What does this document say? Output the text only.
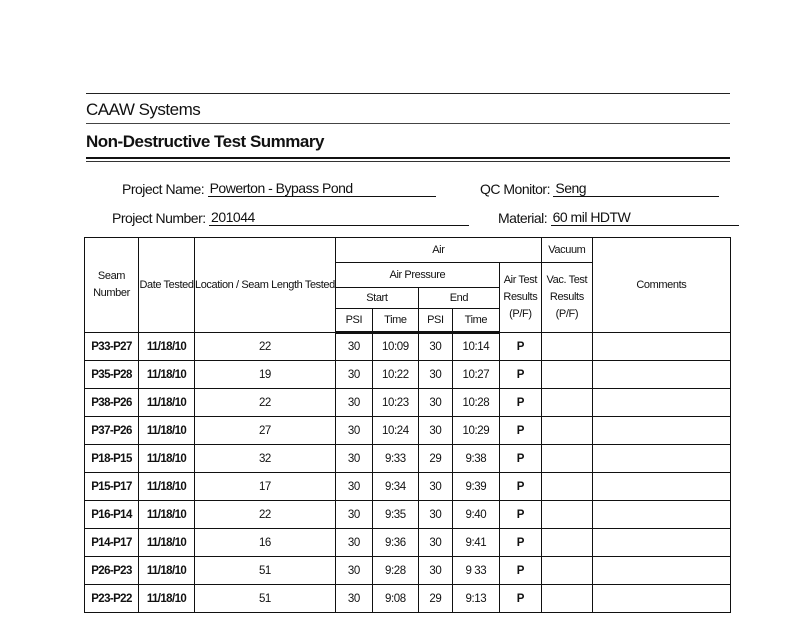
CAAW Systems
Non-Destructive Test Summary
Project Name: Powerton - Bypass Pond	QC Monitor: Seng
Project Number: 201044	Material: 60 mil HDTW
Seam Number	Date Tested	Location / Seam Length Tested	Air					Vacuum	Comments
			Air Pressure				Air Test Results (P/F)	Vac. Test Results (P/F)	
			Start		End				
			PSI	Time	PSI	Time			
P33-P27	11/18/10	22	30	10:09	30	10:14	P		
P35-P28	11/18/10	19	30	10:22	30	10:27	P		
P38-P26	11/18/10	22	30	10:23	30	10:28	P		
P37-P26	11/18/10	27	30	10:24	30	10:29	P		
P18-P15	11/18/10	32	30	9:33	29	9:38	P		
P15-P17	11/18/10	17	30	9:34	30	9:39	P		
P16-P14	11/18/10	22	30	9:35	30	9:40	P		
P14-P17	11/18/10	16	30	9:36	30	9:41	P		
P26-P23	11/18/10	51	30	9:28	30	9 33	P		
P23-P22	11/18/10	51	30	9:08	29	9:13	P		
